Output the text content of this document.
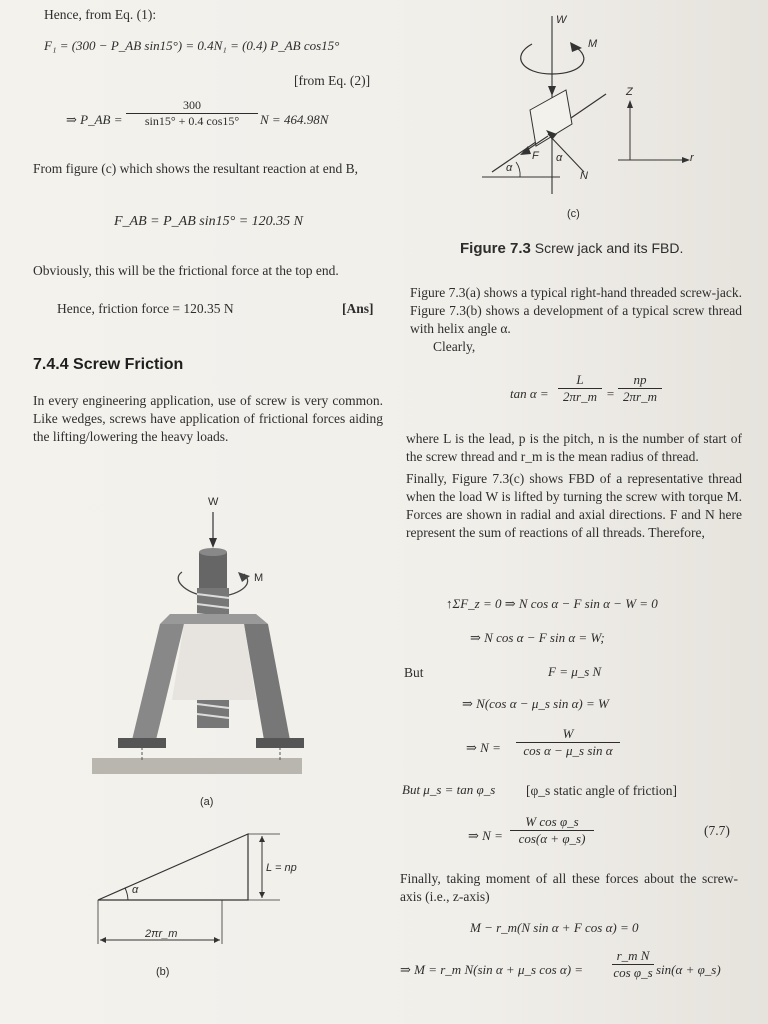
Hence, from Eq. (1):
F₁ = (300 − P_AB sin15°) = 0.4N₁ = (0.4) P_AB cos15°
[from Eq. (2)]
⇒ P_AB = $\frac{300}{\sin 15^\circ + 0.4 \cos 15^\circ}$ N = 464.98N
From figure (c) which shows the resultant reaction at end B,
F_AB = P_AB sin15° = 120.35 N
Obviously, this will be the frictional force at the top end.
Hence, friction force = 120.35 N	[Ans]
7.4.4 Screw Friction
In every engineering application, use of screw is very common. Like wedges, screws have application of frictional forces aiding the lifting/lowering the heavy loads.
W
M
(a)
L = np
α
2πr_m
(b)
W
M
Z
r
F
N
α
α
(c)
Figure 7.3 Screw jack and its FBD.
Figure 7.3(a) shows a typical right-hand threaded screw-jack. Figure 7.3(b) shows a development of a typical screw thread with helix angle α.
Clearly,
$\tan \alpha = \frac{L}{2\pi r\_m} = \frac{np}{2\pi r\_m}$
where L is the lead, p is the pitch, n is the number of start of the screw thread and r_m is the mean radius of thread.
Finally, Figure 7.3(c) shows FBD of a representative thread when the load W is lifted by turning the screw with torque M. Forces are shown in radial and axial directions. F and N here represent the sum of reactions of all threads. Therefore,
↑ΣF_z = 0 ⇒ N cos α − F sin α − W = 0
⇒ N cos α − F sin α = W;
But	F = μ_s N
⇒ N(cos α − μ_s sin α) = W
⇒ $N = \frac{W}{\text{cos α − μ\_s sin α}}$
But μ_s = tan φ_s [φ_s static angle of friction]
⇒ $N = \frac{\text{W cos φ\_s}}{\cos(\alpha + \varphi\_s)}$	(7.7)
Finally, taking moment of all these forces about the screw-axis (i.e., z-axis)
M − r_m(N sin α + F cos α) = 0
⇒ M = r_m N(sin α + μ_s $\cos \alpha) = \frac{\text{r\_m N}}{\text{cos φ\_s}} \sin(\alpha$ + φ_s)
